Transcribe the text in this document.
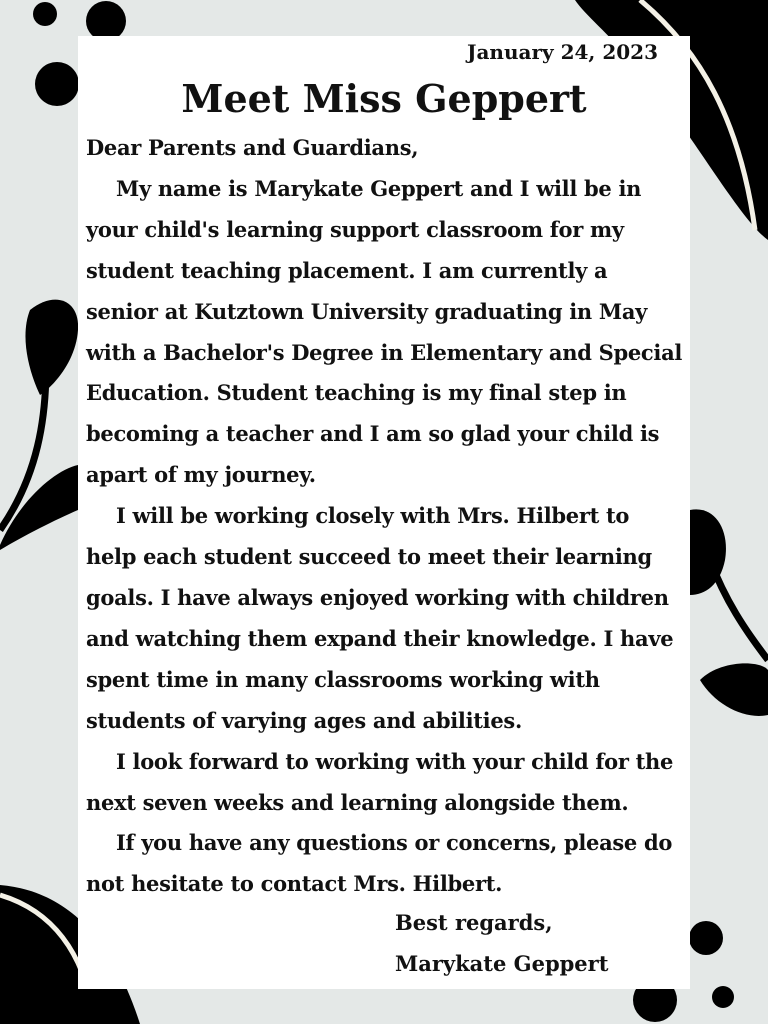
January 24, 2023
Meet Miss Geppert

Dear Parents and Guardians,

My name is Marykate Geppert and I will be in your child's learning support classroom for my student teaching placement. I am currently a senior at Kutztown University graduating in May with a Bachelor's Degree in Elementary and Special Education. Student teaching is my final step in becoming a teacher and I am so glad your child is apart of my journey.

I will be working closely with Mrs. Hilbert to help each student succeed to meet their learning goals. I have always enjoyed working with children and watching them expand their knowledge. I have spent time in many classrooms working with students of varying ages and abilities.

I look forward to working with your child for the next seven weeks and learning alongside them.

If you have any questions or concerns, please do not hesitate to contact Mrs. Hilbert.

Best regards,
Marykate Geppert
